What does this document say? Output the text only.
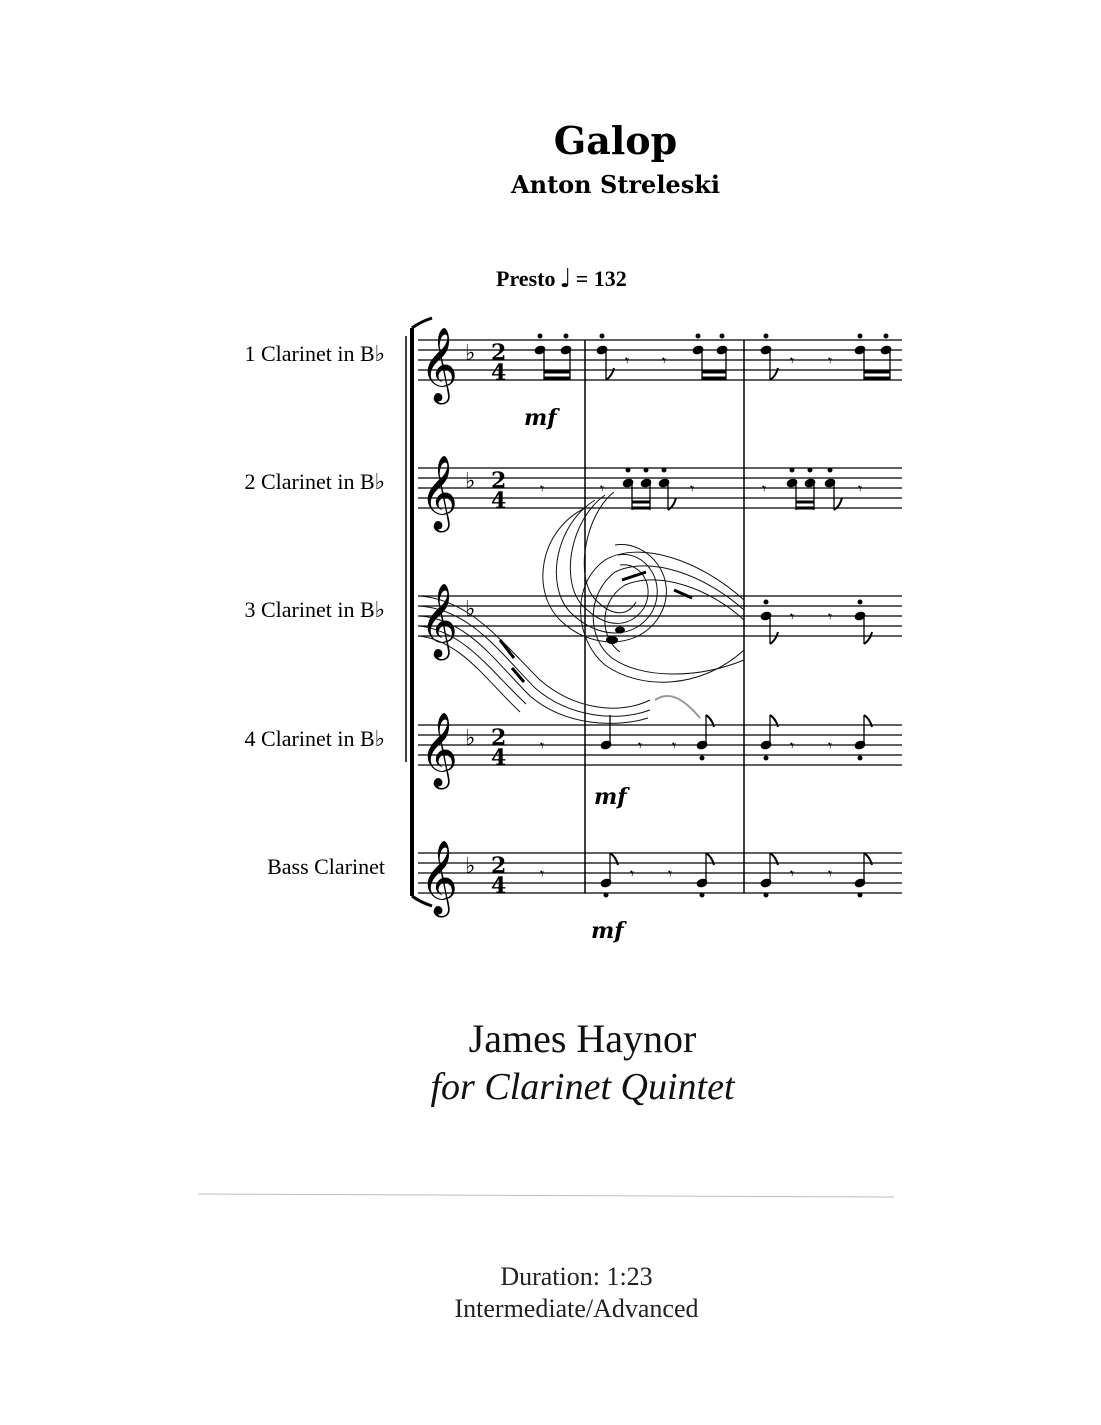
Galop
Anton Streleski
Presto ♩ = 132
1 Clarinet in B♭
2 Clarinet in B♭
3 Clarinet in B♭
4 Clarinet in B♭
Bass Clarinet
𝄞
𝄞
𝄞
𝄞
𝄞
♭
♭
♭
♭
♭
2
4
2
4
2
4
2
4
𝄾 𝄾	𝄾 𝄾
𝄾	𝄾	𝄾	𝄾	𝄾
𝄾 𝄾
𝄾	𝄾 𝄾	𝄾 𝄾
𝄾	𝄾 𝄾	𝄾 𝄾
mf
mf
mf
James Haynor
for Clarinet Quintet
Duration: 1:23
Intermediate/Advanced
